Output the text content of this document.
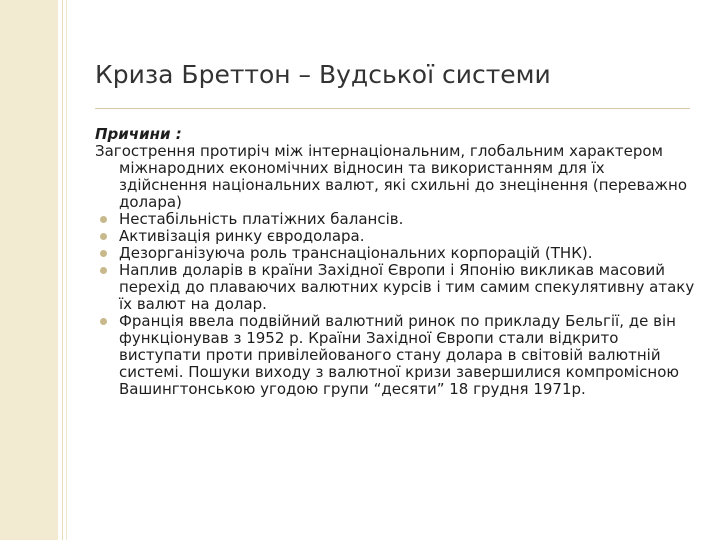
Криза Бреттон – Вудської системи

Причини :

Загострення протиріч між інтернаціональним, глобальним характером міжнародних економічних відносин та використанням для їх здійснення національних валют, які схильні до знецінення (переважно долара)

Нестабільність платіжних балансів.
Активізація ринку євродолара.
Дезорганізуюча роль транснаціональних корпорацій (ТНК).
Наплив доларів в країни Західної Європи і Японію викликав масовий перехід до плаваючих валютних курсів і тим самим спекулятивну атаку їх валют на долар.
Франція ввела подвійний валютний ринок по прикладу Бельгії, де він функціонував з 1952 р. Країни Західної Європи стали відкрито виступати проти привілейованого стану долара в світовій валютній системі. Пошуки виходу з валютної кризи завершилися компромісною Вашингтонською угодою групи “десяти” 18 грудня 1971р.
